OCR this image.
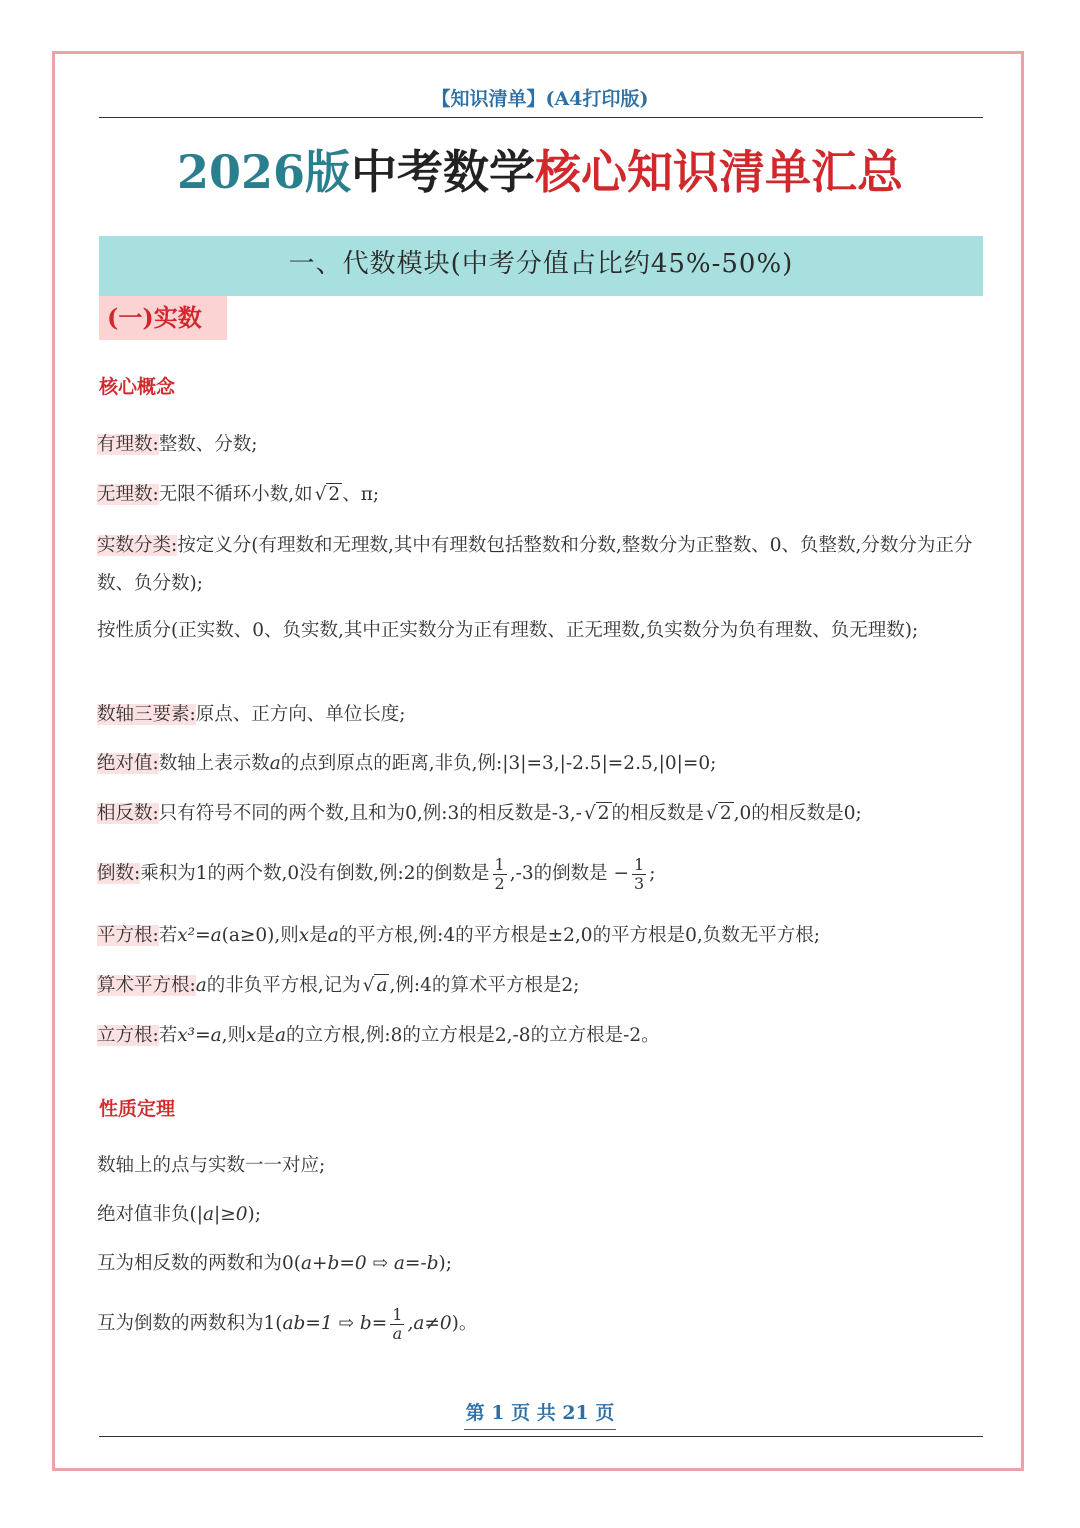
【知识清单】(A4打印版)
2026版中考数学核心知识清单汇总
一、代数模块(中考分值占比约45%-50%)
(一)实数
核心概念
有理数:整数、分数;
无理数:无限不循环小数,如 √ 2 、π;
实数分类:按定义分(有理数和无理数,其中有理数包括整数和分数,整数分为正整数、0、负整数,分数分为正分数、负分数);
按性质分(正实数、0、负实数,其中正实数分为正有理数、正无理数,负实数分为负有理数、负无理数);
数轴三要素:原点、正方向、单位长度;
绝对值:数轴上表示数a的点到原点的距离,非负,例:|3|=3,|-2.5|=2.5,|0|=0;
相反数:只有符号不同的两个数,且和为0,例:3的相反数是-3,- √ 2 的相反数是 √ 2 ,0的相反数是0;
倒数:乘积为1的两个数,0没有倒数,例:2的倒数是 $\frac{1}{2} ,-3$的倒数是 − $\frac{1}{3}$ ;
平方根:若x²=a(a≥0),则x是a的平方根,例:4的平方根是±2,0的平方根是0,负数无平方根;
算术平方根:a的非负平方根,记为 √ a ,例:4的算术平方根是2;
立方根:若x³=a,则x是a的立方根,例:8的立方根是2,-8的立方根是-2。
性质定理
数轴上的点与实数一一对应;
绝对值非负(|a|≥0);
互为相反数的两数和为0(a+b=0 ⇨ a=-b);
互为倒数的两数积为1(ab=1 ⇨ $b= \frac{1}{a} ,a\ne 0$)。
第 1 页 共 21 页
